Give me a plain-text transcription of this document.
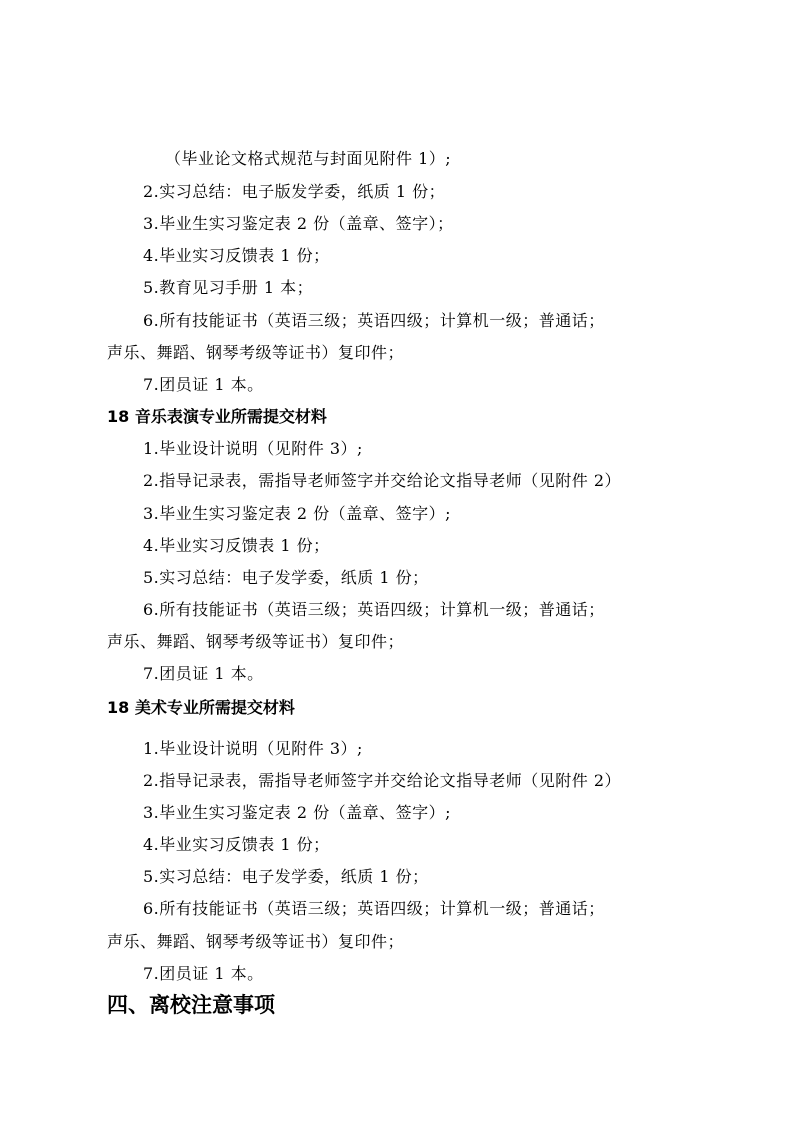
（毕业论文格式规范与封面见附件 1）;
2.实习总结：电子版发学委，纸质 1 份；
3.毕业生实习鉴定表 2 份（盖章、签字）；
4.毕业实习反馈表 1 份；
5.教育见习手册 1 本；
6.所有技能证书（英语三级；英语四级；计算机一级；普通话；
声乐、舞蹈、钢琴考级等证书）复印件；
7.团员证 1 本。
18 音乐表演专业所需提交材料
1.毕业设计说明（见附件 3）;
2.指导记录表，需指导老师签字并交给论文指导老师（见附件 2）
3.毕业生实习鉴定表 2 份（盖章、签字）;
4.毕业实习反馈表 1 份；
5.实习总结：电子发学委，纸质 1 份；
6.所有技能证书（英语三级；英语四级；计算机一级；普通话；
声乐、舞蹈、钢琴考级等证书）复印件；
7.团员证 1 本。
18 美术专业所需提交材料
1.毕业设计说明（见附件 3）;
2.指导记录表，需指导老师签字并交给论文指导老师（见附件 2）
3.毕业生实习鉴定表 2 份（盖章、签字）;
4.毕业实习反馈表 1 份；
5.实习总结：电子发学委，纸质 1 份；
6.所有技能证书（英语三级；英语四级；计算机一级；普通话；
声乐、舞蹈、钢琴考级等证书）复印件；
7.团员证 1 本。
四、离校注意事项
